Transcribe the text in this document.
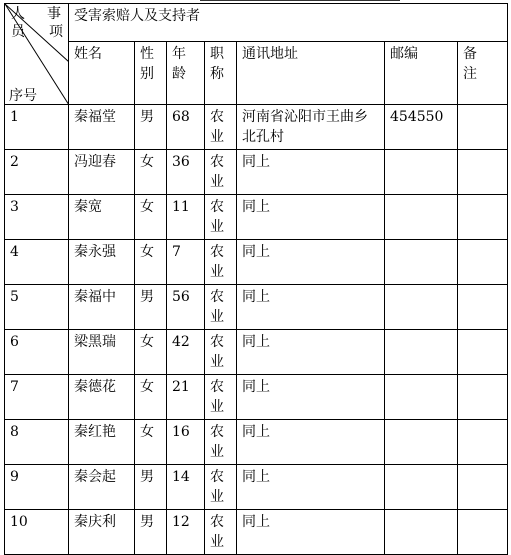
事
项
人
员
序号	受害索赔人及支持者						
	姓名	性别	年龄	职称	通讯地址	邮编	备注

1	秦福堂	男	68	农业	河南省沁阳市王曲乡北孔村	454550	
2	冯迎春	女	36	农业	同上		
3	秦宽	女	11	农业	同上		
4	秦永强	女	7	农业	同上		
5	秦福中	男	56	农业	同上		
6	梁黑瑞	女	42	农业	同上		
7	秦德花	女	21	农业	同上		
8	秦红艳	女	16	农业	同上		
9	秦会起	男	14	农业	同上		
10	秦庆利	男	12	农业	同上		
